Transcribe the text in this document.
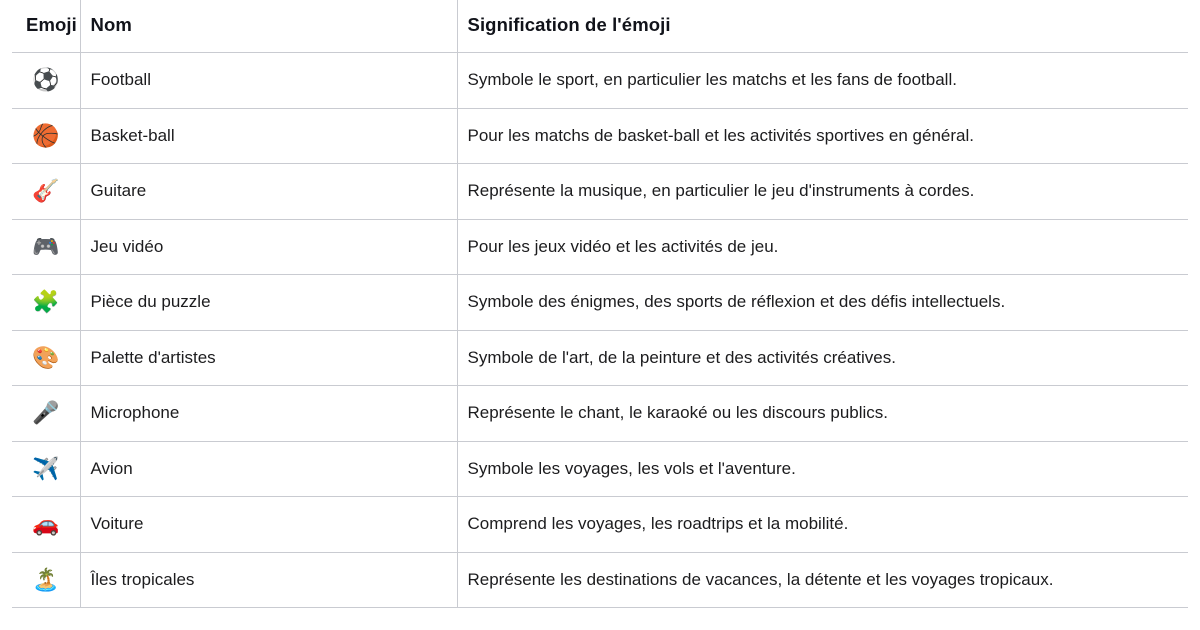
Emoji	Nom	Signification de l'émoji
⚽	Football	Symbole le sport, en particulier les matchs et les fans de football.
🏀	Basket-ball	Pour les matchs de basket-ball et les activités sportives en général.
🎸	Guitare	Représente la musique, en particulier le jeu d'instruments à cordes.
🎮	Jeu vidéo	Pour les jeux vidéo et les activités de jeu.
🧩	Pièce du puzzle	Symbole des énigmes, des sports de réflexion et des défis intellectuels.
🎨	Palette d'artistes	Symbole de l'art, de la peinture et des activités créatives.
🎤	Microphone	Représente le chant, le karaoké ou les discours publics.
✈️	Avion	Symbole les voyages, les vols et l'aventure.
🚗	Voiture	Comprend les voyages, les roadtrips et la mobilité.
🏝️	Îles tropicales	Représente les destinations de vacances, la détente et les voyages tropicaux.
